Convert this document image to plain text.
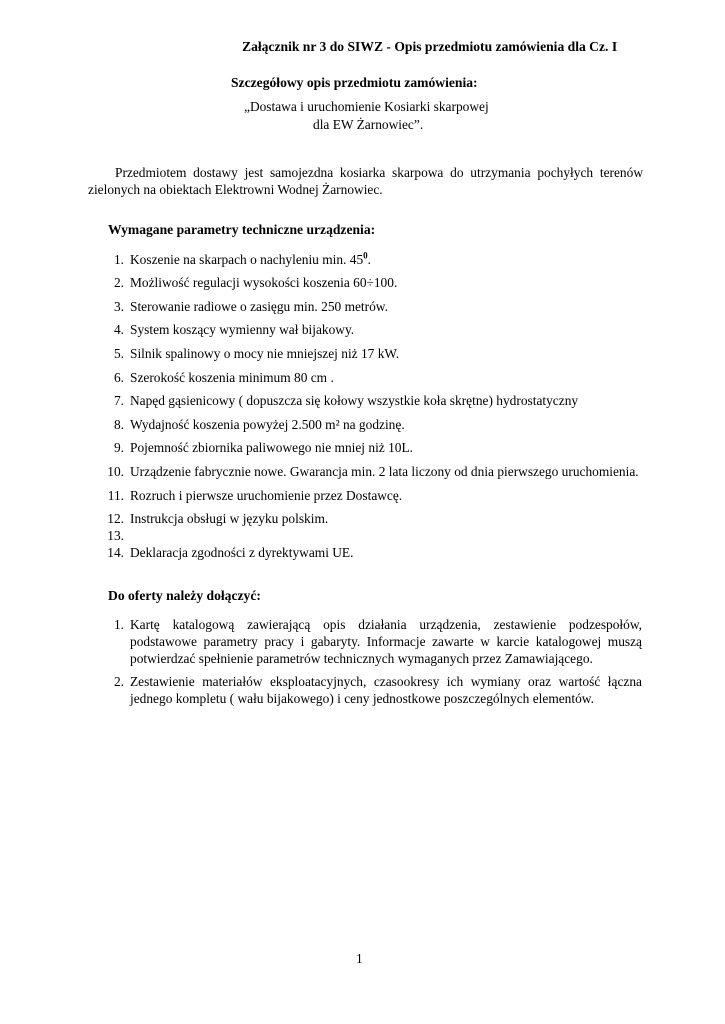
Załącznik nr 3 do SIWZ - Opis przedmiotu zamówienia dla Cz. I
Szczegółowy opis przedmiotu zamówienia:
„Dostawa i uruchomienie Kosiarki skarpowej
dla EW Żarnowiec”.

Przedmiotem dostawy jest samojezdna kosiarka skarpowa do utrzymania pochyłych terenów zielonych na obiektach Elektrowni Wodnej Żarnowiec.

Wymagane parametry techniczne urządzenia:
1. Koszenie na skarpach o nachyleniu min. $45^0$.
2. Możliwość regulacji wysokości koszenia 60÷100.
3. Sterowanie radiowe o zasięgu min. 250 metrów.
4. System koszący wymienny wał bijakowy.
5. Silnik spalinowy o mocy nie mniejszej niż 17 kW.
6. Szerokość koszenia minimum 80 cm .
7. Napęd gąsienicowy ( dopuszcza się kołowy wszystkie koła skrętne) hydrostatyczny
8. Wydajność koszenia powyżej 2.500 m² na godzinę.
9. Pojemność zbiornika paliwowego nie mniej niż 10L.
10. Urządzenie fabrycznie nowe. Gwarancja min. 2 lata liczony od dnia pierwszego uruchomienia.
11. Rozruch i pierwsze uruchomienie przez Dostawcę.
12. Instrukcja obsługi w języku polskim.
13.
14. Deklaracja zgodności z dyrektywami UE.
Do oferty należy dołączyć:
1. Kartę katalogową zawierającą opis działania urządzenia, zestawienie podzespołów, podstawowe parametry pracy i gabaryty. Informacje zawarte w karcie katalogowej muszą potwierdzać spełnienie parametrów technicznych wymaganych przez Zamawiającego.
2. Zestawienie materiałów eksploatacyjnych, czasookresy ich wymiany oraz wartość łączna jednego kompletu ( wału bijakowego) i ceny jednostkowe poszczególnych elementów.
1
